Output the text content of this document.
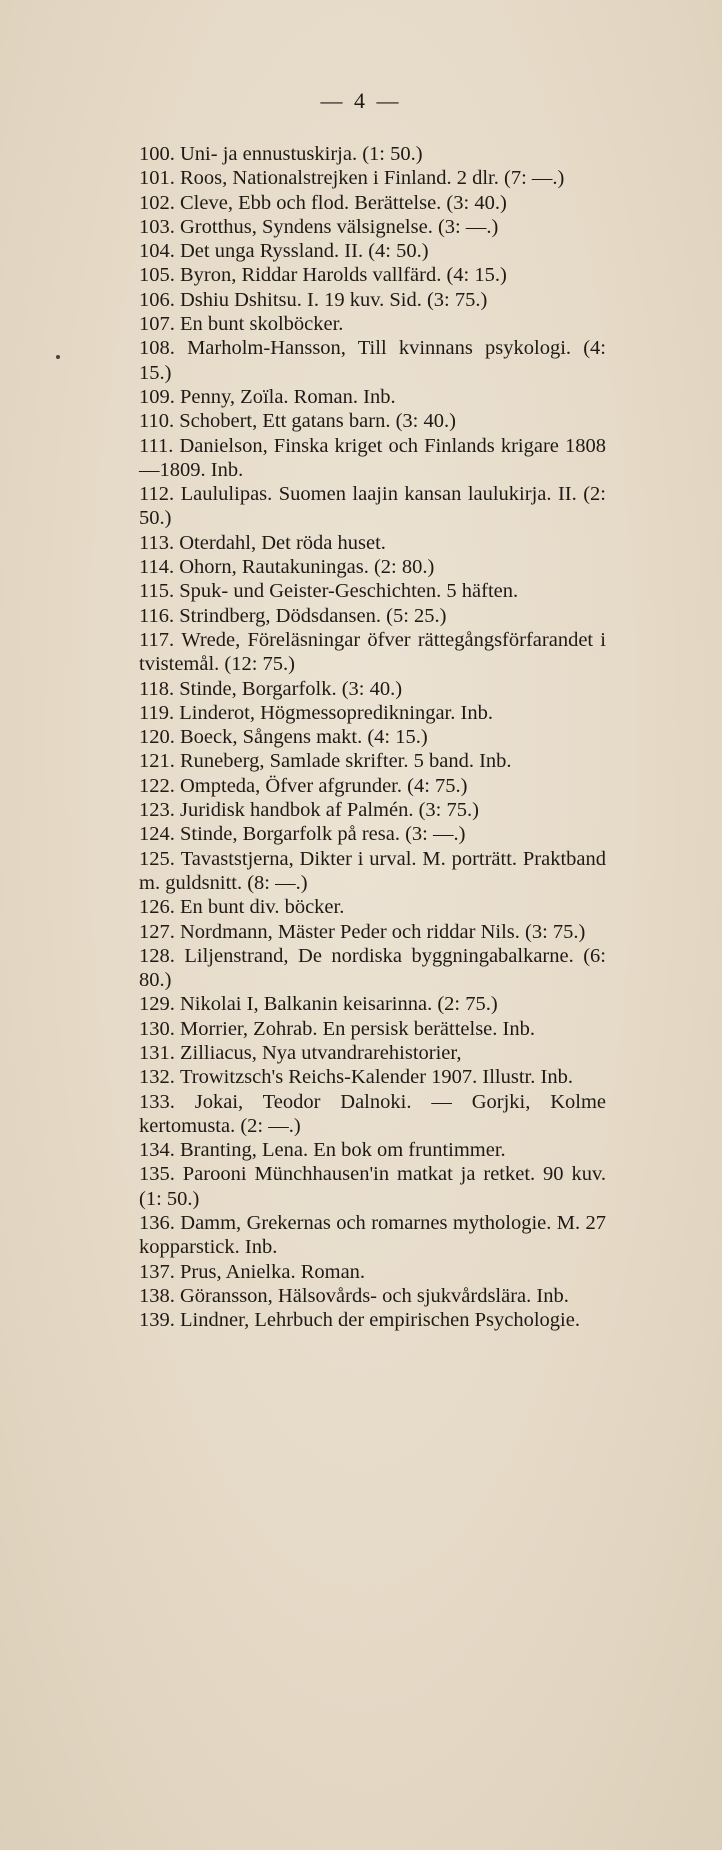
— 4 —
100. Uni- ja ennustuskirja. (1: 50.)
101. Roos, Nationalstrejken i Finland. 2 dlr. (7: —.)
102. Cleve, Ebb och flod. Berättelse. (3: 40.)
103. Grotthus, Syndens välsignelse. (3: —.)
104. Det unga Ryssland. II. (4: 50.)
105. Byron, Riddar Harolds vallfärd. (4: 15.)
106. Dshiu Dshitsu. I. 19 kuv. Sid. (3: 75.)
107. En bunt skolböcker.
108. Marholm-Hansson, Till kvinnans psykologi. (4: 15.)
109. Penny, Zoïla. Roman. Inb.
110. Schobert, Ett gatans barn. (3: 40.)
111. Danielson, Finska kriget och Finlands krigare 1808—1809. Inb.
112. Laululipas. Suomen laajin kansan laulukirja. II. (2: 50.)
113. Oterdahl, Det röda huset.
114. Ohorn, Rautakuningas. (2: 80.)
115. Spuk- und Geister-Geschichten. 5 häften.
116. Strindberg, Dödsdansen. (5: 25.)
117. Wrede, Föreläsningar öfver rättegångsförfarandet i tvistemål. (12: 75.)
118. Stinde, Borgarfolk. (3: 40.)
119. Linderot, Högmessopredikningar. Inb.
120. Boeck, Sångens makt. (4: 15.)
121. Runeberg, Samlade skrifter. 5 band. Inb.
122. Ompteda, Öfver afgrunder. (4: 75.)
123. Juridisk handbok af Palmén. (3: 75.)
124. Stinde, Borgarfolk på resa. (3: —.)
125. Tavaststjerna, Dikter i urval. M. porträtt. Praktband m. guldsnitt. (8: —.)
126. En bunt div. böcker.
127. Nordmann, Mäster Peder och riddar Nils. (3: 75.)
128. Liljenstrand, De nordiska byggningabalkarne. (6: 80.)
129. Nikolai I, Balkanin keisarinna. (2: 75.)
130. Morrier, Zohrab. En persisk berättelse. Inb.
131. Zilliacus, Nya utvandrarehistorier,
132. Trowitzsch's Reichs-Kalender 1907. Illustr. Inb.
133. Jokai, Teodor Dalnoki. — Gorjki, Kolme kertomusta. (2: —.)
134. Branting, Lena. En bok om fruntimmer.
135. Parooni Münchhausen'in matkat ja retket. 90 kuv. (1: 50.)
136. Damm, Grekernas och romarnes mythologie. M. 27 kopparstick. Inb.
137. Prus, Anielka. Roman.
138. Göransson, Hälsovårds- och sjukvårdslära. Inb.
139. Lindner, Lehrbuch der empirischen Psychologie.
